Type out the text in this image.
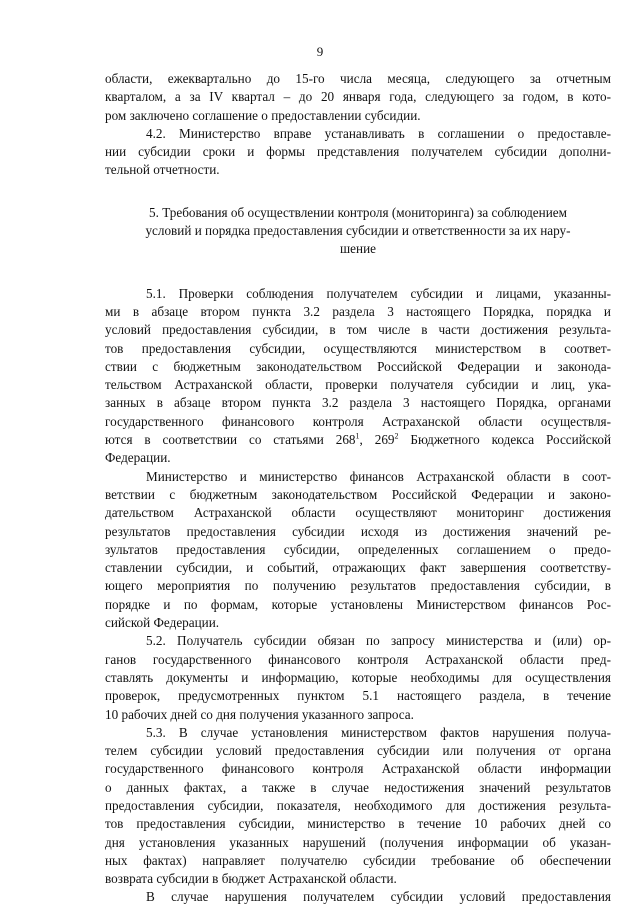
9

области, ежеквартально до 15-го числа месяца, следующего за отчетным
кварталом, а за IV квартал – до 20 января года, следующего за годом, в кото-
ром заключено соглашение о предоставлении субсидии.

4.2. Министерство вправе устанавливать в соглашении о предоставле-
нии субсидии сроки и формы представления получателем субсидии дополни-
тельной отчетности.

5. Требования об осуществлении контроля (мониторинга) за соблюдением
условий и порядка предоставления субсидии и ответственности за их нару-
шение

5.1. Проверки соблюдения получателем субсидии и лицами, указанны-
ми в абзаце втором пункта 3.2 раздела 3 настоящего Порядка, порядка и
условий предоставления субсидии, в том числе в части достижения результа-
тов предоставления субсидии, осуществляются министерством в соответ-
ствии с бюджетным законодательством Российской Федерации и законода-
тельством Астраханской области, проверки получателя субсидии и лиц, ука-
занных в абзаце втором пункта 3.2 раздела 3 настоящего Порядка, органами
государственного финансового контроля Астраханской области осуществля-
ются в соответствии со статьями $268^1$, $269^2$ Бюджетного кодекса Российской
Федерации.

Министерство и министерство финансов Астраханской области в соот-
ветствии с бюджетным законодательством Российской Федерации и законо-
дательством Астраханской области осуществляют мониторинг достижения
результатов предоставления субсидии исходя из достижения значений ре-
зультатов предоставления субсидии, определенных соглашением о предо-
ставлении субсидии, и событий, отражающих факт завершения соответству-
ющего мероприятия по получению результатов предоставления субсидии, в
порядке и по формам, которые установлены Министерством финансов Рос-
сийской Федерации.

5.2. Получатель субсидии обязан по запросу министерства и (или) ор-
ганов государственного финансового контроля Астраханской области пред-
ставлять документы и информацию, которые необходимы для осуществления
проверок, предусмотренных пунктом 5.1 настоящего раздела, в течение
10 рабочих дней со дня получения указанного запроса.

5.3. В случае установления министерством фактов нарушения получа-
телем субсидии условий предоставления субсидии или получения от органа
государственного финансового контроля Астраханской области информации
о данных фактах, а также в случае недостижения значений результатов
предоставления субсидии, показателя, необходимого для достижения результа-
тов предоставления субсидии, министерство в течение 10 рабочих дней со
дня установления указанных нарушений (получения информации об указан-
ных фактах) направляет получателю субсидии требование об обеспечении
возврата субсидии в бюджет Астраханской области.

В случае нарушения получателем субсидии условий предоставления
